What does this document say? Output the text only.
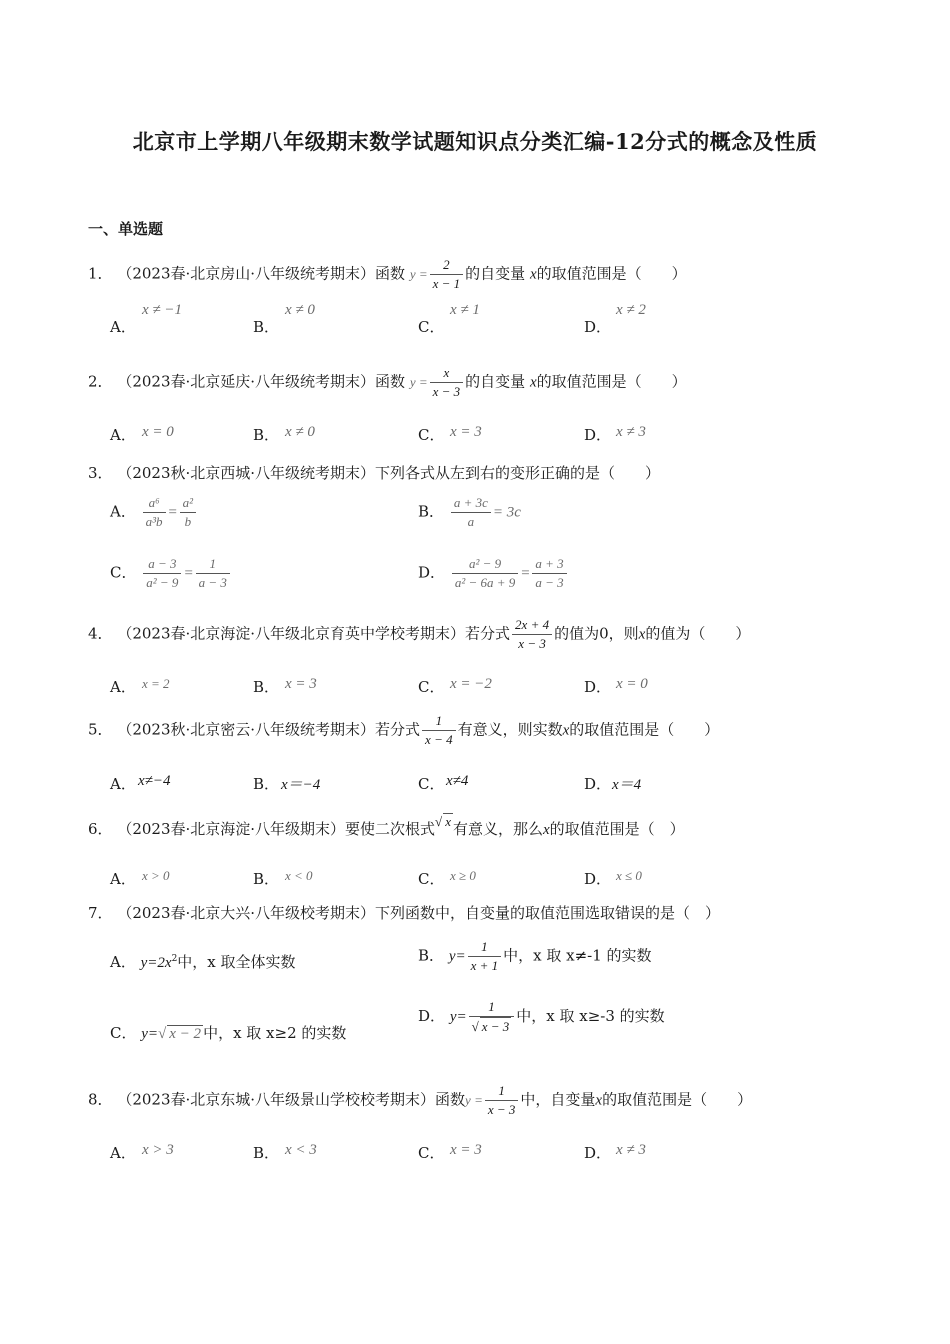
北京市上学期八年级期末数学试题知识点分类汇编-12分式的概念及性质
一、单选题
1． （2023春·北京房山·八年级统考期末）函数 $y = \frac{2}{x - 1}$ 的自变量 x的取值范围是（　　）
A．
x ≠ −1
B．
x ≠ 0
C．
x ≠ 1
D．
x ≠ 2
2． （2023春·北京延庆·八年级统考期末）函数 $y = \frac{x}{x - 3}$ 的自变量 x的取值范围是（　　）
A． x = 0	B． x ≠ 0	C． x = 3	D． x ≠ 3
3． （2023秋·北京西城·八年级统考期末）下列各式从左到右的变形正确的是（　　）
A． $\frac{\text{a⁶}}{\text{a³b}} = \frac{\text{a²}}{b}$	B． $\frac{a + 3c}{a} = 3c$
C． $\frac{a - 3}{\text{a² − 9}} = \frac{1}{a - 3}$	D． $\frac{\text{a² − 9}}{\text{a² − 6a + 9}} = \frac{a + 3}{a - 3}$
4． （2023春·北京海淀·八年级北京育英中学校考期末）若分式 $\frac{2x + 4}{x - 3}$ 的值为0，则x的值为（　　）
A． x = 2	B． x = 3	C． x = −2	D． x = 0
5． （2023秋·北京密云·八年级统考期末）若分式 $\frac{1}{x - 4}$ 有意义，则实数x的取值范围是（　　）
A． x≠−4	B． x＝−4	C． x≠4	D． x＝4
6． （2023春·北京海淀·八年级期末）要使二次根式√ x 有意义，那么x的取值范围是（　）
A． x > 0	B． x < 0	C． x ≥ 0	D． x ≤ 0
7． （2023春·北京大兴·八年级校考期末）下列函数中，自变量的取值范围选取错误的是（　）
A． $y=2x^2$中，x 取全体实数	B． $y= \frac{1}{x + 1}$ 中，x 取 x≠-1 的实数
C． y=√ x − 2 中，x 取 x≥2 的实数
D． $y= \frac{1}{√ x - 3}$ 中，x 取 x≥-3 的实数
8． （2023春·北京东城·八年级景山学校校考期末）函数$y = \frac{1}{x - 3}$ 中，自变量x的取值范围是（　　）
A． x > 3	B． x < 3	C． x = 3	D． x ≠ 3
